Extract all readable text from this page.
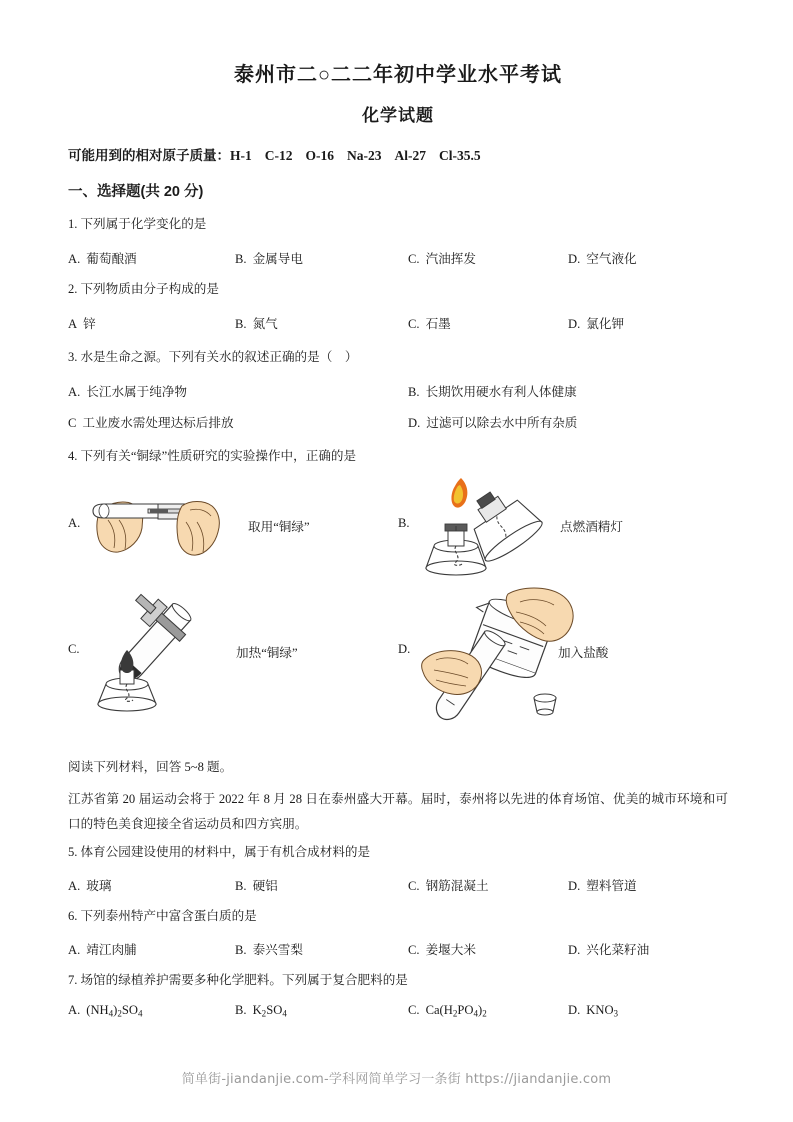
泰州市二○二二年初中学业水平考试
化学试题
可能用到的相对原子质量：H-1 C-12 O-16 Na-23 Al-27 Cl-35.5
一、选择题(共 20 分)
1. 下列属于化学变化的是
A. 葡萄酿酒	B. 金属导电	C. 汽油挥发	D. 空气液化
2. 下列物质由分子构成的是
A 锌	B. 氮气	C. 石墨	D. 氯化钾
3. 水是生命之源。下列有关水的叙述正确的是（　）
A. 长江水属于纯净物	B. 长期饮用硬水有利人体健康
C 工业废水需处理达标后排放	D. 过滤可以除去水中所有杂质
4. 下列有关“铜绿”性质研究的实验操作中，正确的是
A.	取用“铜绿”	B.	点燃酒精灯
C.	加热“铜绿”	D.	加入盐酸
阅读下列材料，回答 5~8 题。
江苏省第 20 届运动会将于 2022 年 8 月 28 日在泰州盛大开幕。届时，泰州将以先进的体育场馆、优美的城市环境和可口的特色美食迎接全省运动员和四方宾朋。
5. 体育公园建设使用的材料中，属于有机合成材料的是
A. 玻璃	B. 硬铝	C. 钢筋混凝土	D. 塑料管道
6. 下列泰州特产中富含蛋白质的是
A. 靖江肉脯	B. 泰兴雪梨	C. 姜堰大米	D. 兴化菜籽油
7. 场馆的绿植养护需要多种化学肥料。下列属于复合肥料的是
A. $(NH_4)_2SO_4$	B. $K_2SO_4$	C. $Ca(H_2PO_4)_2$	D. $KNO_3$
简单街-jiandanjie.com-学科网简单学习一条街 https://jiandanjie.com
